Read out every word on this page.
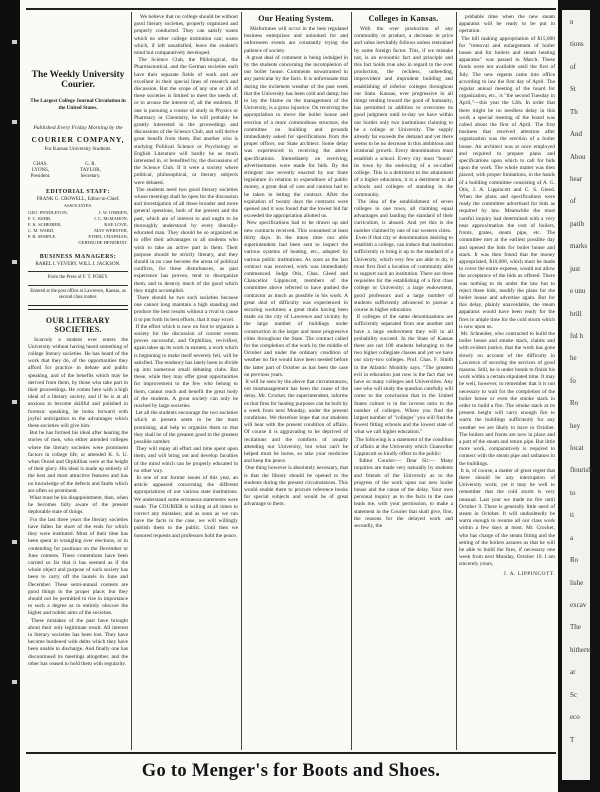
The Weekly University Courier.
The Largest College Journal Circulation in the United States.
Published Every Friday Morning by the
COURIER COMPANY,
For Kansas University Students.
CHAS. LYONS,
President.
G. R. TAYLOR,
Secretary.
EDITORIAL STAFF:
FRANK G. CROWELL, Editor-in-Chief.
ASSOCIATES.
GEO. PENDLETON,	J. W. O'BRIEN,
F. C. KERR,	J. C. McMAHON,
F. K. SCHEIBER,	RAE LOVE,
C. M. WARD,	MAY WEBSTER,
P. R. SEMPLE.	ETHEL CHAPMAN,
GERTRUDE HENDRIXT.
BUSINESS MANAGERS:
RAREL I. VEVERY. WILL J. JACKSON.
From the Press of F. T. FOSEY.
Entered at the post office at Lawrence, Kansas, as second class matter.
OUR LITERARY SOCIETIES.

Scarcely a student ever enters the University without having heard something of college literary societies. He has heard of the work that they do, of the opportunities they afford for practice in debate and public speaking, and of the benefits which may be derived from them, by those who take part in their proceedings. He comes here with a high ideal of a literary society, and if he is at all anxious to become skillful and polished in forensic speaking, he looks forward with joyful anticipation to the advantages which these societies will give him.
But he has formed his ideal after hearing the stories of men, who either attended colleges where the literary societies were prominent factors in college life, or attended K. S. U. when Oread and Orphillian were at the height of their glory. His ideal is made up entirely of the best and most attractive features and has no knowledge of the defects and faults which are often so prominent.
What must be his disappointment, then, when he becomes fully aware of the present deplorable state of things.
For the last three years the literary societies have fallen far short of the ends for which they were instituted. Most of their time has been spent in wrangling over elections, or in contending for positions on the December or June contests. These contentions have been carried so far that it has seemed as if the whole object and purpose of such society has been to carry off the laurels in June and December. These semi-annual contests are good things in the proper place; but they should not be permitted to rise in importance to such a degree as to entirely obscure the higher and nobler aims of the societies.
These mistakes of the past have brought about their only legitimate result. All interest in literary societies has been lost. They have become burdened with debts which they have been unable to discharge. And finally one has discontinued its meetings altogether, and the other has ceased to hold them with regularity.

We believe that no college should be without good literary societies, properly organized and properly conducted. They can satisfy wants which no other college institution can; wants which, if left unsatisfied, leave the student's mind but comparatively developed.
The Science Club, the Philological, the Pharmaceutical, and the German societies each have their separate fields of work and are excellent in their special lines of research and discussion. But the scope of any one or all of these societies is limited to meet the needs of, or to arouse the interest of, all the students. If one is pursuing a course of study in Physics or Pharmacy or Chemistry, he will probably be greatly interested in the proceedings and discussions of the Science Club, and will derive great benefit from them. But another who is studying Political Science or Psychology or English Literature will hardly be as much interested in, or benefited by, the discussions of the Science Club. If it were a society where political, philosophical, or literary subjects were debated.
The students need two good literary societies whose meetings shall be open for the discussion and investigation of all those broader and more general questions, both of the present and the past, which are of interest to and ought to be thoroughly understood by every liberally-educated man. They should be so organized as to offer their advantages to all students who wish to take an active part in them. Their purpose should be strictly literary, and they should in no case become the arena of political conflicts, for these disturbances, as past experience has proven, tend to disorganize them, and to destroy much of the good which they might accomplish.
There should be two such societies because one cannot long maintain a high standing and produce the best results without a rival to cause it to put forth its best efforts, that it may excel.
If the effort which is now on foot to organize a society for the discussion of current events proves successful, and Orphillian, revivified, again takes up its work in earnest, a work which is beginning to make itself severely felt, will be satisfied. The tendency has lately been to divide up into numerous small debating clubs. But these, while they may offer great opportunities for improvement to the few who belong to them, cannot reach and benefit the great body of the students. A great society can only be reached by large societies.
Let all the students encourage the two societies which at present seem to be the most promising, and help to organize them so that they shall be of the greatest good to the greatest possible number.
They will repay all effort and time spent upon them, and will bring out and develop faculties of the mind which can be properly educated in no other way.
In one of our former issues of this year, an article appeared concerning the different appropriations of our various state institutions. We understand some erroneous statements were made. The COURIER is willing at all times to correct any mistakes; and as soon as we can have the facts in the case, we will willingly publish them to the public. Until then we honored requests and professors hold the peace.

Our Heating System.

Misfortunes will occur in the best regulated business enterprises and unlooked for and unforeseen events are constantly trying the patience of society.
A great deal of comment is being indulged in by the students concerning the incompletion of our boiler house. Comments unwarranted in any particular by the facts. It is unfortunate that during the inclement weather of the past week that the University has been cold and damp; but to lay the blame on the management of the University, is a gross injustice. On receiving the appropriation to move the boiler house and erection of a more commodious structure, the committee on building and grounds immediately asked for specifications from the proper officer, our State architect. Some delay was experienced in receiving the above specifications. Immediately on receiving, advertisements were made for bids. By the stringent law recently enacted by our State legislature in relation to expenditure of public money, a great deal of care and caution had to be taken in letting the contract. After the expiration of twenty days the contracts were opened and it was found that the lowest bid far exceeded the appropriation allotted us.
New specifications had to be drawn up and new contracts received. This consumed at least thirty days. In the mean time our able superintendent had been sent to inspect the various systems of heating, etc., adopted by various public institutions. As soon as the last contract was received, work was immediately commenced. Judge Otis, Chas. Gleed and Chancellor Lippincott, members of the committee above referred to have pushed the contractor as much as possible in his work. A great deal of difficulty was experienced in securing workmen; a great drain having been made on the city of Lawrence and vicinity by the large number of buildings under construction in the larger and more progressive cities throughout the State. The contract called for the completion of the work by the middle of October and under the ordinary condition of weather no fire would have been needed before the latter part of October as has been the case on previous years.
It will be seen by the above that circumstances, not mismanagement has been the cause of the delay. Mr. Crocker, the superintendent, informs us that fires for heating purposes can be built by a week from next Monday, under the present conditions. We therefore hope that our students will bear with the present condition of affairs. Of course it is aggravating to be deprived of recitations and the comforts of usually attending our University, but what can't be helped must be borne, so take your medicine and keep the peace.
One thing however is absolutely necessary, that is that the library should be opened to the students during the present circumstances. This would enable them to procure reference books for special subjects and would be of great advantage to them.

Colleges in Kansas.

With the over production of any commodity or product, a decrease in price and value inevitably follows unless restrained by some foreign factor. This, if we mistake not, is an economic fact and principle and this fact holds true also in regard to the over production, the reckless, unheeding, improvident and imprudent building and establishing of inferior colleges throughout our State. Kansas, ever progressive in all things tending toward the good of humanity, has permitted in addition to overcome its good judgment until to-day we have within our border only two institutions claiming to be a college or University. The supply already far exceeds the demand and yet there seems to be no decrease in this ambitious and irrational growth. Every denomination must establish a school. Every city must "boom" its town by the endowing of a so-called college. This is a detriment to the attainment of a higher education, it is a detriment to all schools and colleges of standing in the community.
The idea of the establishment of seven colleges in one town, all claiming equal advantages and lauding the standard of their curriculum, is absurd. And yet this is the number claimed by one of our western cities.
Even if that city or denomination desiring to establish a college, can induce that institution sufficiently to bring it up to the standard of a University, which very few are able to do, it must first find a location of community able to support such an institution. There are three requisites for the establishing of a first class college or University; a large endowment, good professors and a large number of students sufficiently advanced to pursue a course in higher education.
If colleges of the same denominations are sufficiently separated from one another and have a large endowment they will in all probability succeed. In the State of Kansas there are not 100 students belonging to the two higher collegiate classes and yet we have our sixty-two colleges. Prof. Chas. F. Smith in the Atlantic Monthly says, "The greatest evil in education just now is the fact that we have so many colleges and Universities. Any one who will study the question carefully will come to the conclusion that in the United States culture is in the inverse ratio to the number of colleges. Where you find the largest number of "colleges" you will find the fewest fitting schools and the lowest state of what we call higher education."
The following is a statement of the condition of affairs at the University which Chancellor Lippincott so kindly offers to the public:
Editor Courier:— Dear Sir:— Many inquiries are made very naturally by students and friends of the University as to the progress of the work upon our new boiler house and the cause of the delay. Your own personal inquiry as to the facts in the case leads me, with your permission, to make a statement in the Courier that shall give, first, the reasons for the delayed work and secondly, the

probable time when the new steam apparatus will be ready to be put in operation.
The bill making appropriation of $15,000 for "removal and enlargement of boiler house and for boilers and steam heating apparatus" was passed in March. These funds were not available until the first of July. The new regents came into office according to law the first day of April. The regular annual meeting of the board for organization, etc., is "the second Tuesday in April,"—this year the 12th. In order that there might be no needless delay in this work a special meeting of the board was called about the first of April. The first business that received attention after organization was the erection of a boiler house. An architect was at once employed and required to prepare plans and specifications upon which to call for bids upon the work. The whole matter was then placed, with proper limitations, in the hands of a building committee consisting of A. G. Otis, J. A. Lippincott and C. S. Gleed. When the plans and specifications were ready the committee advertised for bids as required by law. Meanwhile the most careful inquiry had determined with a very near approximation the cost of boilers, fronts, grates, steam pipe, etc. The committee met at the earliest possible day and opened the bids for boiler house and stack. It was then found that the money appropriated, $10,000, which must be made to cover the entire expense, would not allow the acceptance of the bids as offered. There was nothing to do under the law but to reject these bids, modify the plans for the boiler house and advertise again. But for this delay, plainly unavoidable, the steam apparatus would have been ready for the fires in ample time for the cold storm which is now upon us.
Mr. Schneider, who contracted to build the boiler house and smoke stack, claims and with evident justice, that the work has gone slowly on account of the difficulty in Lawrence of securing the services of good masons. Still, he is under bonds to finish his work within a certain stipulated time. It may be well, however, to remember that it is not necessary to wait for the completion of the boiler house or even the smoke stack in order to build a fire. The smoke stack at its present height will carry enough fire to warm the buildings sufficiently for any weather we are likely to have in October. The boilers and fronts are now in place and a part of the steam and return pipe. But little more work, comparatively is required to connect with the steam pipe and radiators in the buildings.
It is, of course, a matter of great regret that there should be any interruption of University work; yet it may be well to remember that the cold storm is very unusual. Last year we made no fire until October 9. There is generally little need of steam in October. It will undoubtedly be warm enough to resume all our class work within a few days at most. Mr. Crocker, who has charge of the steam fitting and the setting of the boilers assures us that he will be able to build the fires, if necessary one week from next Monday, October 10. I am sincerely yours,

J. A. LIPPINCOTT.
Go to Menger's for Boots and Shoes.
n
tions
of
St
Th
And
Abou
hear
of
patib
marks
just
e unu
brill
ful h
he
fo
Ro
hey
locat
flourish
to
ti
a
Ro
lishe
excav
The
hitherto
ar
Sc
eco
T
